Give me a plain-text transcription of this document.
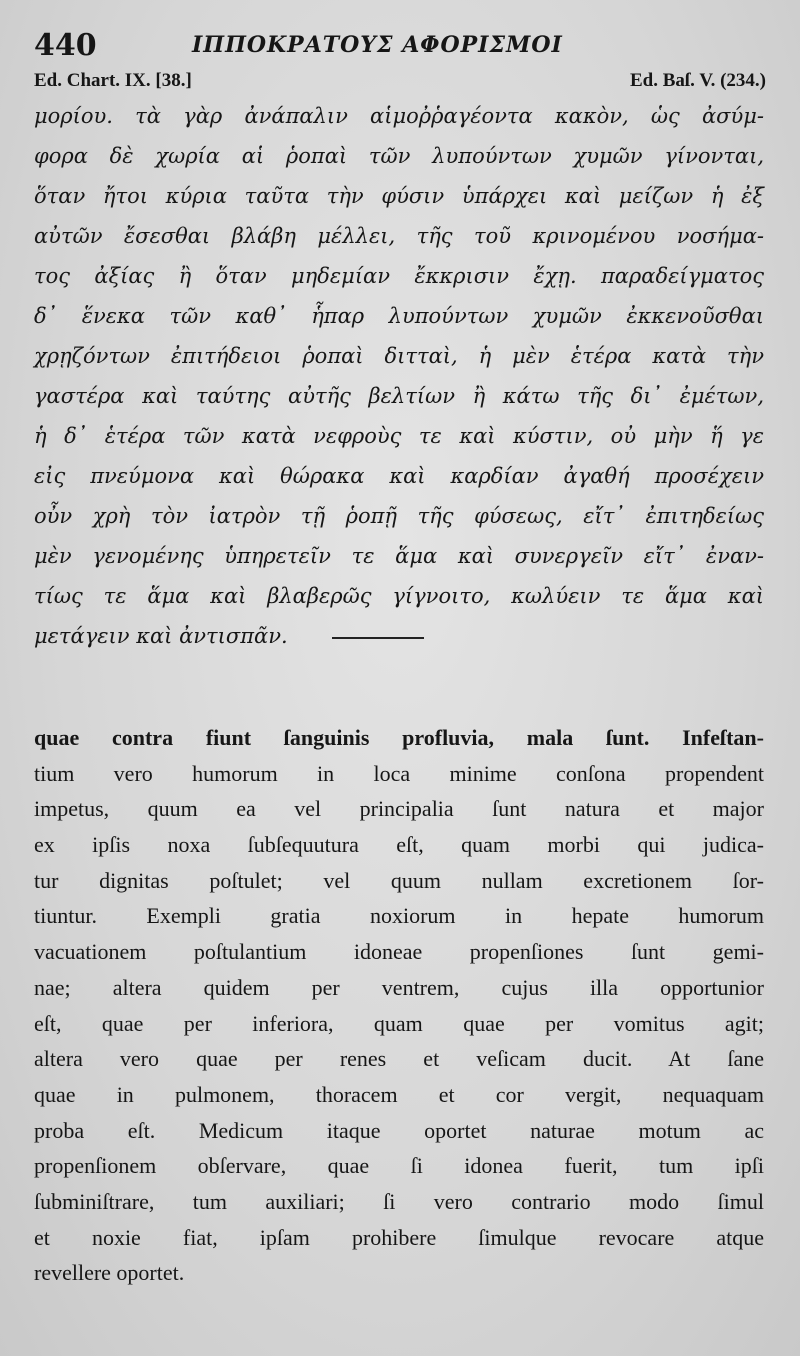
440	ΙΠΠΟΚΡΑΤΟΥΣ ΑΦΟΡΙΣΜΟΙ
Ed. Chart. IX. [38.]	Ed. Baſ. V. (234.)
μορίου. τὰ γὰρ ἀνάπαλιν αἱμοῤῥαγέοντα κακὸν, ὡς ἀσύμ-
φορα δὲ χωρία αἱ ῥοπαὶ τῶν λυπούντων χυμῶν γίνονται,
ὅταν ἤτοι κύρια ταῦτα τὴν φύσιν ὑπάρχει καὶ μείζων ἡ ἐξ
αὐτῶν ἔσεσθαι βλάβη μέλλει, τῆς τοῦ κρινομένου νοσήμα-
τος ἀξίας ἢ ὅταν μηδεμίαν ἔκκρισιν ἔχῃ. παραδείγματος
δ᾽ ἕνεκα τῶν καθ᾽ ἧπαρ λυπούντων χυμῶν ἐκκενοῦσθαι
χρῃζόντων ἐπιτήδειοι ῥοπαὶ διτταὶ, ἡ μὲν ἑτέρα κατὰ τὴν
γαστέρα καὶ ταύτης αὐτῆς βελτίων ἢ κάτω τῆς δι᾽ ἐμέτων,
ἡ δ᾽ ἑτέρα τῶν κατὰ νεφροὺς τε καὶ κύστιν, οὐ μὴν ἥ γε
εἰς πνεύμονα καὶ θώρακα καὶ καρδίαν ἀγαθή προσέχειν
οὖν χρὴ τὸν ἰατρὸν τῇ ῥοπῇ τῆς φύσεως, εἴτ᾽ ἐπιτηδείως
μὲν γενομένης ὑπηρετεῖν τε ἅμα καὶ συνεργεῖν εἴτ᾽ ἐναν-
τίως τε ἅμα καὶ βλαβερῶς γίγνοιτο, κωλύειν τε ἅμα καὶ
μετάγειν καὶ ἀντισπᾶν.
quae contra fiunt ſanguinis profluvia, mala ſunt. Infeſtan-
tium vero humorum in loca minime conſona propendent
impetus, quum ea vel principalia ſunt natura et major
ex ipſis noxa ſubſequutura eſt, quam morbi qui judica-
tur dignitas poſtulet; vel quum nullam excretionem ſor-
tiuntur. Exempli gratia noxiorum in hepate humorum
vacuationem poſtulantium idoneae propenſiones ſunt gemi-
nae; altera quidem per ventrem, cujus illa opportunior
eſt, quae per inferiora, quam quae per vomitus agit;
altera vero quae per renes et veſicam ducit. At ſane
quae in pulmonem, thoracem et cor vergit, nequaquam
proba eſt. Medicum itaque oportet naturae motum ac
propenſionem obſervare, quae ſi idonea fuerit, tum ipſi
ſubminiſtrare, tum auxiliari; ſi vero contrario modo ſimul
et noxie fiat, ipſam prohibere ſimulque revocare atque
revellere oportet.
